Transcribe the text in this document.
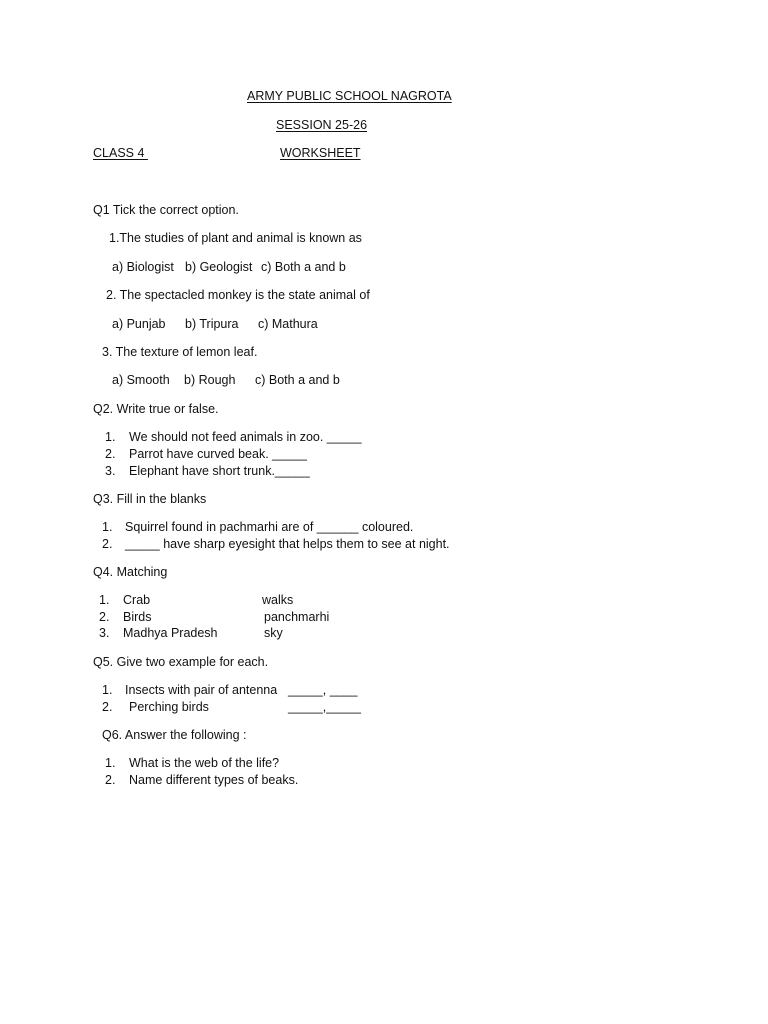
ARMY PUBLIC SCHOOL NAGROTA
SESSION 25-26
CLASS 4	WORKSHEET
Q1 Tick the correct option.
1.The studies of plant and animal is known as
a) Biologist b) Geologist c) Both a and b
2. The spectacled monkey is the state animal of
a) Punjab b) Tripura c) Mathura
3. The texture of lemon leaf.
a) Smooth b) Rough c) Both a and b
Q2. Write true or false.
1. We should not feed animals in zoo. _____
2. Parrot have curved beak. _____
3. Elephant have short trunk._____
Q3. Fill in the blanks
1. Squirrel found in pachmarhi are of ______ coloured.
2. _____ have sharp eyesight that helps them to see at night.
Q4. Matching
1. Crab	walks
2. Birds	panchmarhi
3. Madhya Pradesh	sky
Q5. Give two example for each.
1. Insects with pair of antenna _____, ____
2. Perching birds	_____,_____
Q6. Answer the following :
1. What is the web of the life?
2. Name different types of beaks.
